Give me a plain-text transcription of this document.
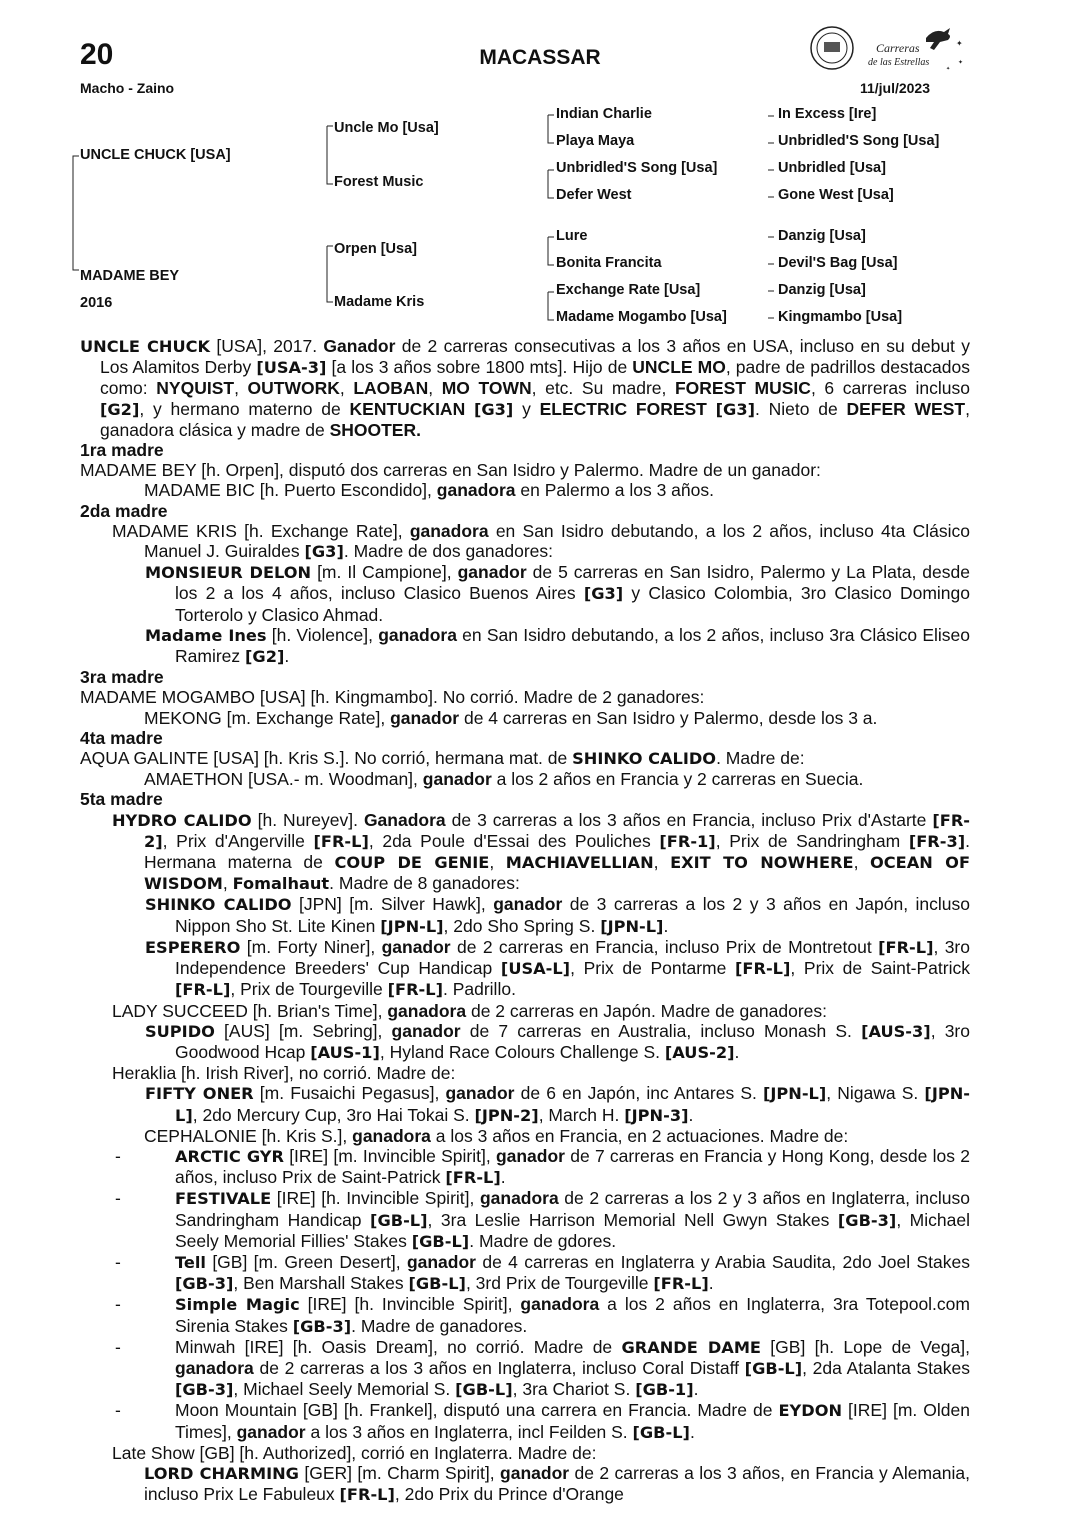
20	MACASSAR
Macho - Zaino	11/jul/2023
Carreras
de las Estrellas
✦
✦
✦
UNCLE CHUCK [USA]
MADAME BEY
2016
Uncle Mo [Usa]
Forest Music
Orpen [Usa]
Madame Kris
Indian Charlie
Playa Maya
Unbridled'S Song [Usa]
Defer West
Lure
Bonita Francita
Exchange Rate [Usa]
Madame Mogambo [Usa]
In Excess [Ire]
Unbridled'S Song [Usa]
Unbridled [Usa]
Gone West [Usa]
Danzig [Usa]
Devil'S Bag [Usa]
Danzig [Usa]
Kingmambo [Usa]
UNCLE CHUCK [USA], 2017. Ganador de 2 carreras consecutivas a los 3 años en USA, incluso en su debut y Los Alamitos Derby [USA-3] [a los 3 años sobre 1800 mts]. Hijo de UNCLE MO, padre de padrillos destacados como: NYQUIST, OUTWORK, LAOBAN, MO TOWN, etc. Su madre, FOREST MUSIC, 6 carreras incluso [G2], y hermano materno de KENTUCKIAN [G3] y ELECTRIC FOREST [G3]. Nieto de DEFER WEST, ganadora clásica y madre de SHOOTER.
1ra madre
MADAME BEY [h. Orpen], disputó dos carreras en San Isidro y Palermo. Madre de un ganador:
MADAME BIC [h. Puerto Escondido], ganadora en Palermo a los 3 años.
2da madre
MADAME KRIS [h. Exchange Rate], ganadora en San Isidro debutando, a los 2 años, incluso 4ta Clásico Manuel J. Guiraldes [G3]. Madre de dos ganadores:
MONSIEUR DELON [m. Il Campione], ganador de 5 carreras en San Isidro, Palermo y La Plata, desde los 2 a los 4 años, incluso Clasico Buenos Aires [G3] y Clasico Colombia, 3ro Clasico Domingo Torterolo y Clasico Ahmad.
Madame Ines [h. Violence], ganadora en San Isidro debutando, a los 2 años, incluso 3ra Clásico Eliseo Ramirez [G2].
3ra madre
MADAME MOGAMBO [USA] [h. Kingmambo]. No corrió. Madre de 2 ganadores:
MEKONG [m. Exchange Rate], ganador de 4 carreras en San Isidro y Palermo, desde los 3 a.
4ta madre
AQUA GALINTE [USA] [h. Kris S.]. No corrió, hermana mat. de SHINKO CALIDO. Madre de:
AMAETHON [USA.- m. Woodman], ganador a los 2 años en Francia y 2 carreras en Suecia.
5ta madre
HYDRO CALIDO [h. Nureyev]. Ganadora de 3 carreras a los 3 años en Francia, incluso Prix d'Astarte [FR-2], Prix d'Angerville [FR-L], 2da Poule d'Essai des Pouliches [FR-1], Prix de Sandringham [FR-3]. Hermana materna de COUP DE GENIE, MACHIAVELLIAN, EXIT TO NOWHERE, OCEAN OF WISDOM, Fomalhaut. Madre de 8 ganadores:
SHINKO CALIDO [JPN] [m. Silver Hawk], ganador de 3 carreras a los 2 y 3 años en Japón, incluso Nippon Sho St. Lite Kinen [JPN-L], 2do Sho Spring S. [JPN-L].
ESPERERO [m. Forty Niner], ganador de 2 carreras en Francia, incluso Prix de Montretout [FR-L], 3ro Independence Breeders' Cup Handicap [USA-L], Prix de Pontarme [FR-L], Prix de Saint-Patrick [FR-L], Prix de Tourgeville [FR-L]. Padrillo.
LADY SUCCEED [h. Brian's Time], ganadora de 2 carreras en Japón. Madre de ganadores:
SUPIDO [AUS] [m. Sebring], ganador de 7 carreras en Australia, incluso Monash S. [AUS-3], 3ro Goodwood Hcap [AUS-1], Hyland Race Colours Challenge S. [AUS-2].
Heraklia [h. Irish River], no corrió. Madre de:
FIFTY ONER [m. Fusaichi Pegasus], ganador de 6 en Japón, inc Antares S. [JPN-L], Nigawa S. [JPN-L], 2do Mercury Cup, 3ro Hai Tokai S. [JPN-2], March H. [JPN-3].
CEPHALONIE [h. Kris S.], ganadora a los 3 años en Francia, en 2 actuaciones. Madre de:
-	ARCTIC GYR [IRE] [m. Invincible Spirit], ganador de 7 carreras en Francia y Hong Kong, desde los 2 años, incluso Prix de Saint-Patrick [FR-L].
-	FESTIVALE [IRE] [h. Invincible Spirit], ganadora de 2 carreras a los 2 y 3 años en Inglaterra, incluso Sandringham Handicap [GB-L], 3ra Leslie Harrison Memorial Nell Gwyn Stakes [GB-3], Michael Seely Memorial Fillies' Stakes [GB-L]. Madre de gdores.
-	Tell [GB] [m. Green Desert], ganador de 4 carreras en Inglaterra y Arabia Saudita, 2do Joel Stakes [GB-3], Ben Marshall Stakes [GB-L], 3rd Prix de Tourgeville [FR-L].
-	Simple Magic [IRE] [h. Invincible Spirit], ganadora a los 2 años en Inglaterra, 3ra Totepool.com Sirenia Stakes [GB-3]. Madre de ganadores.
-	Minwah [IRE] [h. Oasis Dream], no corrió. Madre de GRANDE DAME [GB] [h. Lope de Vega], ganadora de 2 carreras a los 3 años en Inglaterra, incluso Coral Distaff [GB-L], 2da Atalanta Stakes [GB-3], Michael Seely Memorial S. [GB-L], 3ra Chariot S. [GB-1].
-	Moon Mountain [GB] [h. Frankel], disputó una carrera en Francia. Madre de EYDON [IRE] [m. Olden Times], ganador a los 3 años en Inglaterra, incl Feilden S. [GB-L].
Late Show [GB] [h. Authorized], corrió en Inglaterra. Madre de:
LORD CHARMING [GER] [m. Charm Spirit], ganador de 2 carreras a los 3 años, en Francia y Alemania, incluso Prix Le Fabuleux [FR-L], 2do Prix du Prince d'Orange
